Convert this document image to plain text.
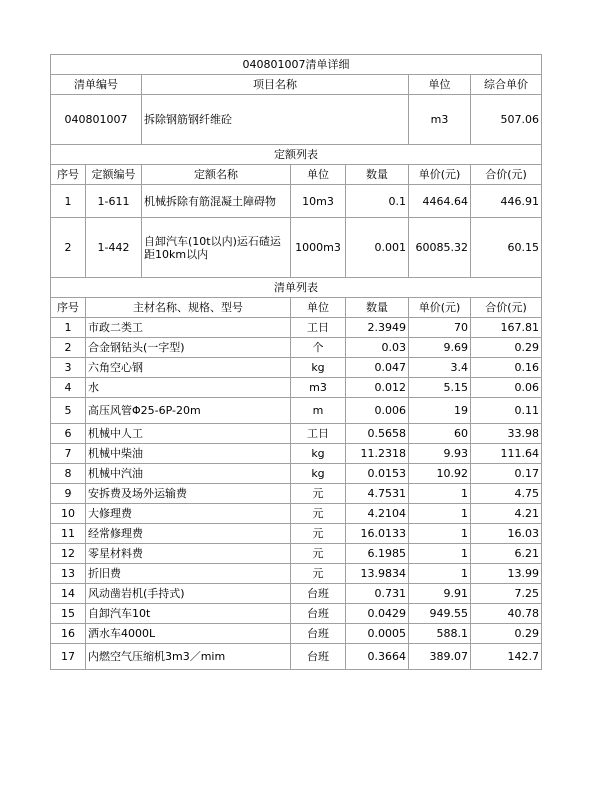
040801007清单详细						
清单编号		项目名称			单位	综合单价
040801007		拆除钢筋钢纤维砼			m3	507.06
定额列表						
序号	定额编号	定额名称	单位	数量	单价(元)	合价(元)
1	1-611	机械拆除有筋混凝土障碍物	10m3	0.1	4464.64	446.91
2	1-442	自卸汽车(10t以内)运石碴运距10km以内	1000m3	0.001	60085.32	60.15
清单列表						
序号	主材名称、规格、型号		单位	数量	单价(元)	合价(元)
1	市政二类工		工日	2.3949	70	167.81
2	合金钢钻头(一字型)		个	0.03	9.69	0.29
3	六角空心钢		kg	0.047	3.4	0.16
4	水		m3	0.012	5.15	0.06
5	高压风管Φ25-6P-20m		m	0.006	19	0.11
6	机械中人工		工日	0.5658	60	33.98
7	机械中柴油		kg	11.2318	9.93	111.64
8	机械中汽油		kg	0.0153	10.92	0.17
9	安拆费及场外运输费		元	4.7531	1	4.75
10	大修理费		元	4.2104	1	4.21
11	经常修理费		元	16.0133	1	16.03
12	零星材料费		元	6.1985	1	6.21
13	折旧费		元	13.9834	1	13.99
14	风动凿岩机(手持式)		台班	0.731	9.91	7.25
15	自卸汽车10t		台班	0.0429	949.55	40.78
16	洒水车4000L		台班	0.0005	588.1	0.29
17	内燃空气压缩机3m3／mim		台班	0.3664	389.07	142.7
